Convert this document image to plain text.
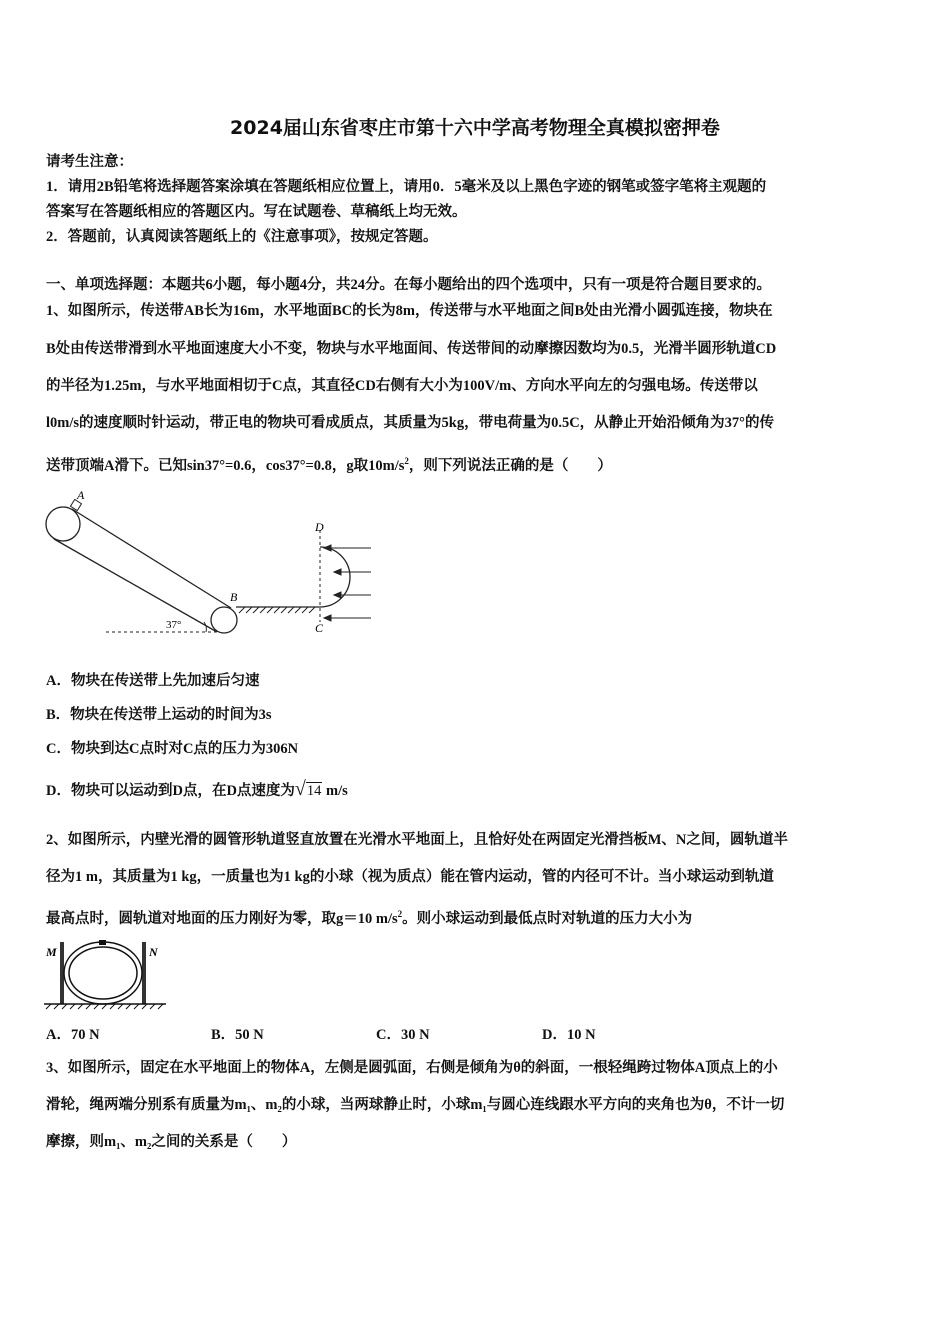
2024届山东省枣庄市第十六中学高考物理全真模拟密押卷
请考生注意：
1．请用2B铅笔将选择题答案涂填在答题纸相应位置上，请用0．5毫米及以上黑色字迹的钢笔或签字笔将主观题的
答案写在答题纸相应的答题区内。写在试题卷、草稿纸上均无效。
2．答题前，认真阅读答题纸上的《注意事项》，按规定答题。
一、单项选择题：本题共6小题，每小题4分，共24分。在每小题给出的四个选项中，只有一项是符合题目要求的。
1、如图所示，传送带AB长为16m，水平地面BC的长为8m，传送带与水平地面之间B处由光滑小圆弧连接，物块在
B处由传送带滑到水平地面速度大小不变，物块与水平地面间、传送带间的动摩擦因数均为0.5，光滑半圆形轨道CD
的半径为1.25m，与水平地面相切于C点，其直径CD右侧有大小为100V/m、方向水平向左的匀强电场。传送带以
l0m/s的速度顺时针运动，带正电的物块可看成质点，其质量为5kg，带电荷量为0.5C，从静止开始沿倾角为37°的传
送带顶端A滑下。已知sin37°=0.6，cos37°=0.8，g取$10m/s^2$，则下列说法正确的是（　　）
A
37°
B
D
C
A．物块在传送带上先加速后匀速
B．物块在传送带上运动的时间为3s
C．物块到达C点时对C点的压力为306N
D．物块可以运动到D点，在D点速度为√14 m/s
2、如图所示，内壁光滑的圆管形轨道竖直放置在光滑水平地面上，且恰好处在两固定光滑挡板M、N之间，圆轨道半
径为1 m，其质量为1 kg，一质量也为1 kg的小球（视为质点）能在管内运动，管的内径可不计。当小球运动到轨道
最高点时，圆轨道对地面的压力刚好为零，取g＝10 $m/s^2$。则小球运动到最低点时对轨道的压力大小为
M	N
A．70 N	B．50 N	C．30 N	D．10 N
3、如图所示，固定在水平地面上的物体A，左侧是圆弧面，右侧是倾角为θ的斜面，一根轻绳跨过物体A顶点上的小
滑轮，绳两端分别系有质量为m₁、m₂的小球，当两球静止时，小球m₁与圆心连线跟水平方向的夹角也为θ，不计一切
摩擦，则m₁、m₂之间的关系是（　　）
